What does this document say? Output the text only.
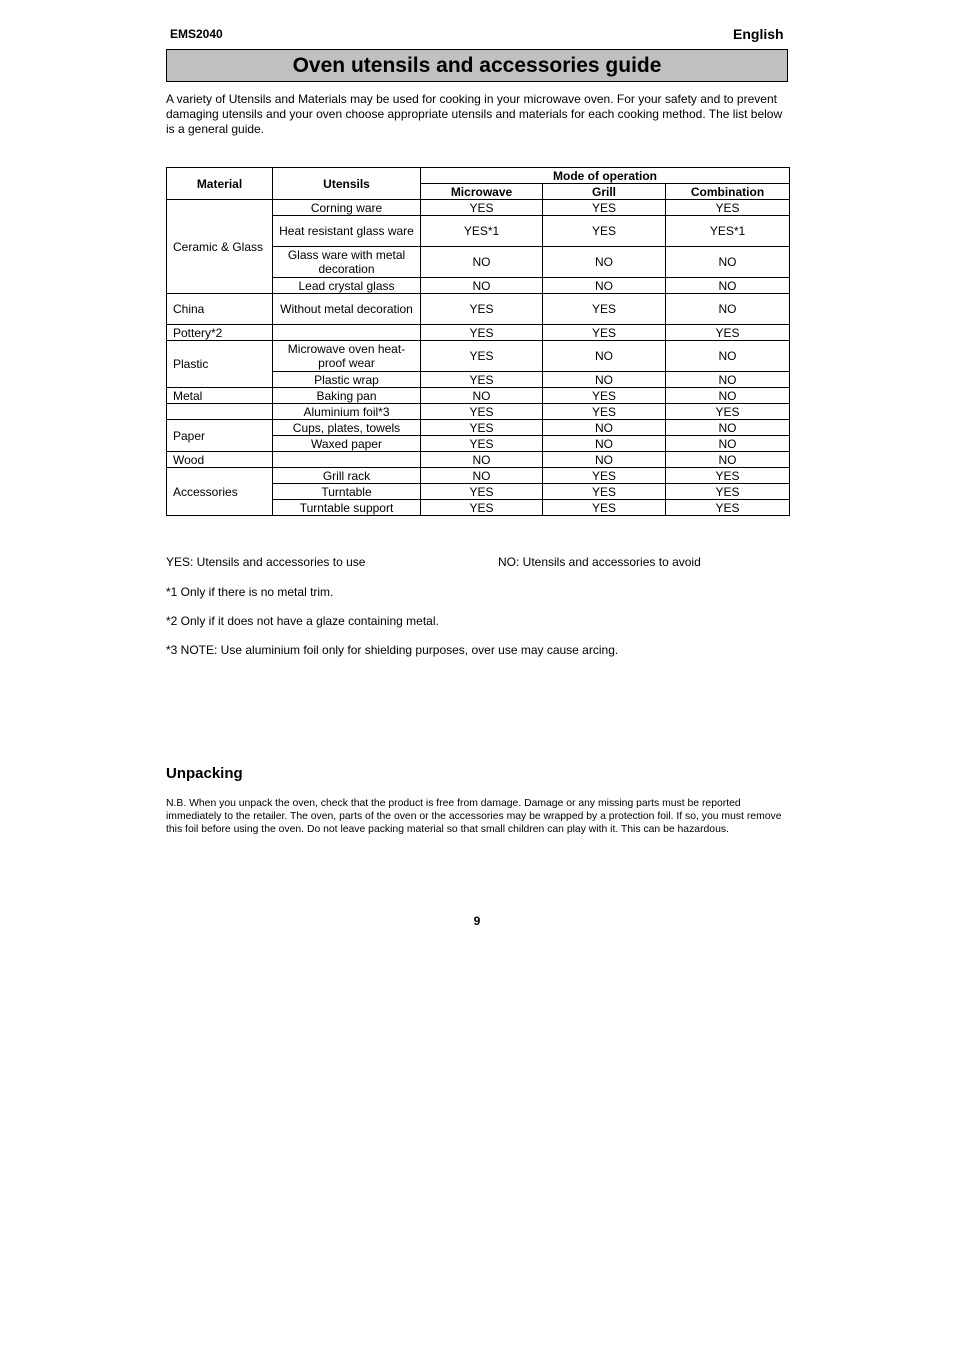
EMS2040	English
Oven utensils and accessories guide
A variety of Utensils and Materials may be used for cooking in your microwave oven. For your safety and to prevent damaging utensils and your oven choose appropriate utensils and materials for each cooking method. The list below is a general guide.
Material	Utensils	Mode of operation		
		Microwave	Grill	Combination
Ceramic & Glass	Corning ware	YES	YES	YES
	Heat resistant glass ware	YES*1	YES	YES*1
	Glass ware with metal decoration	NO	NO	NO
	Lead crystal glass	NO	NO	NO
China	Without metal decoration	YES	YES	NO
Pottery*2		YES	YES	YES
Plastic	Microwave oven heat-proof wear	YES	NO	NO
	Plastic wrap	YES	NO	NO
Metal	Baking pan	NO	YES	NO
	Aluminium foil*3	YES	YES	YES
Paper	Cups, plates, towels	YES	NO	NO
	Waxed paper	YES	NO	NO
Wood		NO	NO	NO
Accessories	Grill rack	NO	YES	YES
	Turntable	YES	YES	YES
	Turntable support	YES	YES	YES
YES: Utensils and accessories to use	NO: Utensils and accessories to avoid
*1 Only if there is no metal trim.
*2 Only if it does not have a glaze containing metal.
*3 NOTE: Use aluminium foil only for shielding purposes, over use may cause arcing.
Unpacking
N.B. When you unpack the oven, check that the product is free from damage. Damage or any missing parts must be reported immediately to the retailer. The oven, parts of the oven or the accessories may be wrapped by a protection foil. If so, you must remove this foil before using the oven. Do not leave packing material so that small children can play with it. This can be hazardous.
9
